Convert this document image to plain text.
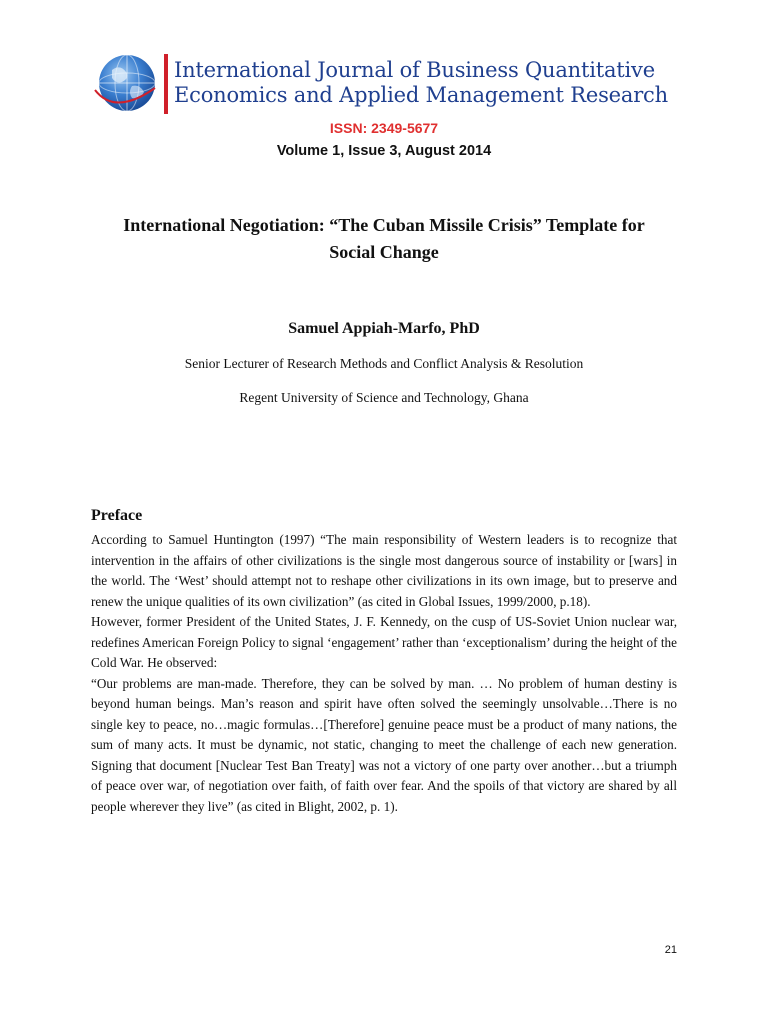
International Journal of Business Quantitative
Economics and Applied Management Research
ISSN: 2349-5677
Volume 1, Issue 3, August 2014
International Negotiation: “The Cuban Missile Crisis” Template for
Social Change
Samuel Appiah-Marfo, PhD
Senior Lecturer of Research Methods and Conflict Analysis & Resolution
Regent University of Science and Technology, Ghana
Preface

According to Samuel Huntington (1997) “The main responsibility of Western leaders is to recognize that intervention in the affairs of other civilizations is the single most dangerous source of instability or [wars] in the world. The ‘West’ should attempt not to reshape other civilizations in its own image, but to preserve and renew the unique qualities of its own civilization” (as cited in Global Issues, 1999/2000, p.18).

However, former President of the United States, J. F. Kennedy, on the cusp of US-Soviet Union nuclear war, redefines American Foreign Policy to signal ‘engagement’ rather than ‘exceptionalism’ during the height of the Cold War. He observed:

“Our problems are man-made. Therefore, they can be solved by man. … No problem of human destiny is beyond human beings. Man’s reason and spirit have often solved the seemingly unsolvable…There is no single key to peace, no…magic formulas…[Therefore] genuine peace must be a product of many nations, the sum of many acts. It must be dynamic, not static, changing to meet the challenge of each new generation. Signing that document [Nuclear Test Ban Treaty] was not a victory of one party over another…but a triumph of peace over war, of negotiation over faith, of faith over fear. And the spoils of that victory are shared by all people wherever they live” (as cited in Blight, 2002, p. 1).

21
